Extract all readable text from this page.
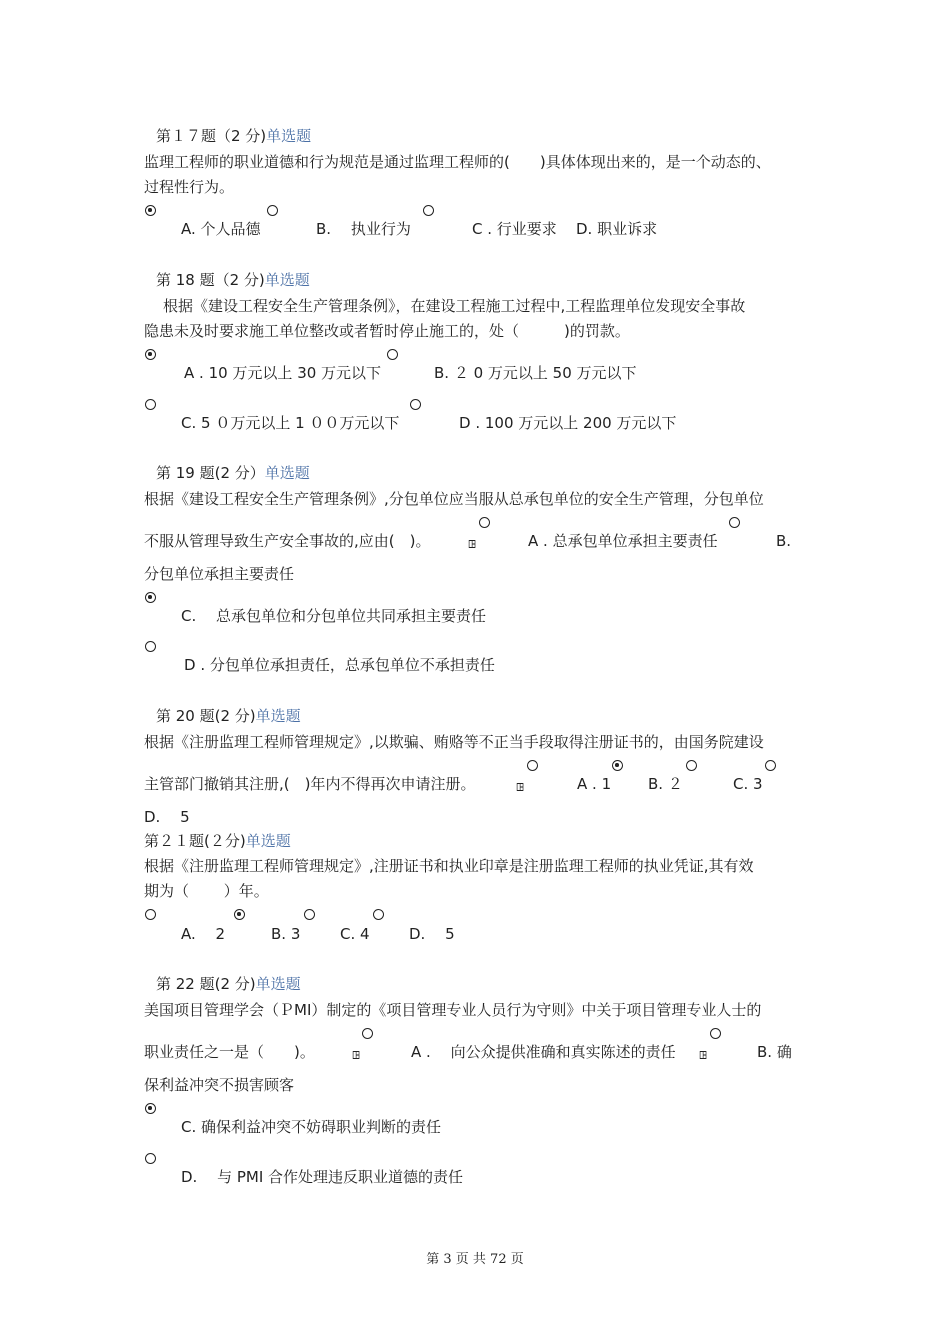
第１７题（2 分)单选题
监理工程师的职业道德和行为规范是通过监理工程师的(　　)具体体现出来的，是一个动态的、
过程性行为。
A. 个人品德	B.　 执业行为	C . 行业要求 D. 职业诉求
第 18 题（2 分)单选题
　根据《建设工程安全生产管理条例》，在建设工程施工过程中,工程监理单位发现安全事故
隐患未及时要求施工单位整改或者暂时停止施工的，处（　　　)的罚款。
A . 10 万元以上 30 万元以下	B. ２ 0 万元以上 50 万元以下
C. 5 ０万元以上 1 ００万元以下	D . 100 万元以上 200 万元以下
第 19 题(2 分）单选题
根据《建设工程安全生产管理条例》,分包单位应当服从总承包单位的安全生产管理，分包单位
不服从管理导致生产安全事故的,应由(　)。	ꖸ	A . 总承包单位承担主要责任	B.
分包单位承担主要责任
C.　 总承包单位和分包单位共同承担主要责任
D . 分包单位承担责任，总承包单位不承担责任
第 20 题(2 分)单选题
根据《注册监理工程师管理规定》,以欺骗、贿赂等不正当手段取得注册证书的，由国务院建设
主管部门撤销其注册,(　)年内不得再次申请注册。	ꖸ	A . 1 B. ２	C. 3
D.　 5
第２１题(２分)单选题
根据《注册监理工程师管理规定》,注册证书和执业印章是注册监理工程师的执业凭证,其有效
期为（　　 ）年。
A.　 2	B. 3	C. 4	D.　 5
第 22 题(2 分)单选题
美国项目管理学会（ＰMI）制定的《项目管理专业人员行为守则》中关于项目管理专业人士的
职业责任之一是（　　)。	ꖸ	A .　 向公众提供准确和真实陈述的责任 ꖸ	B. 确
保利益冲突不损害顾客
C. 确保利益冲突不妨碍职业判断的责任
D.　 与 PMI 合作处理违反职业道德的责任
第 3 页 共 72 页
